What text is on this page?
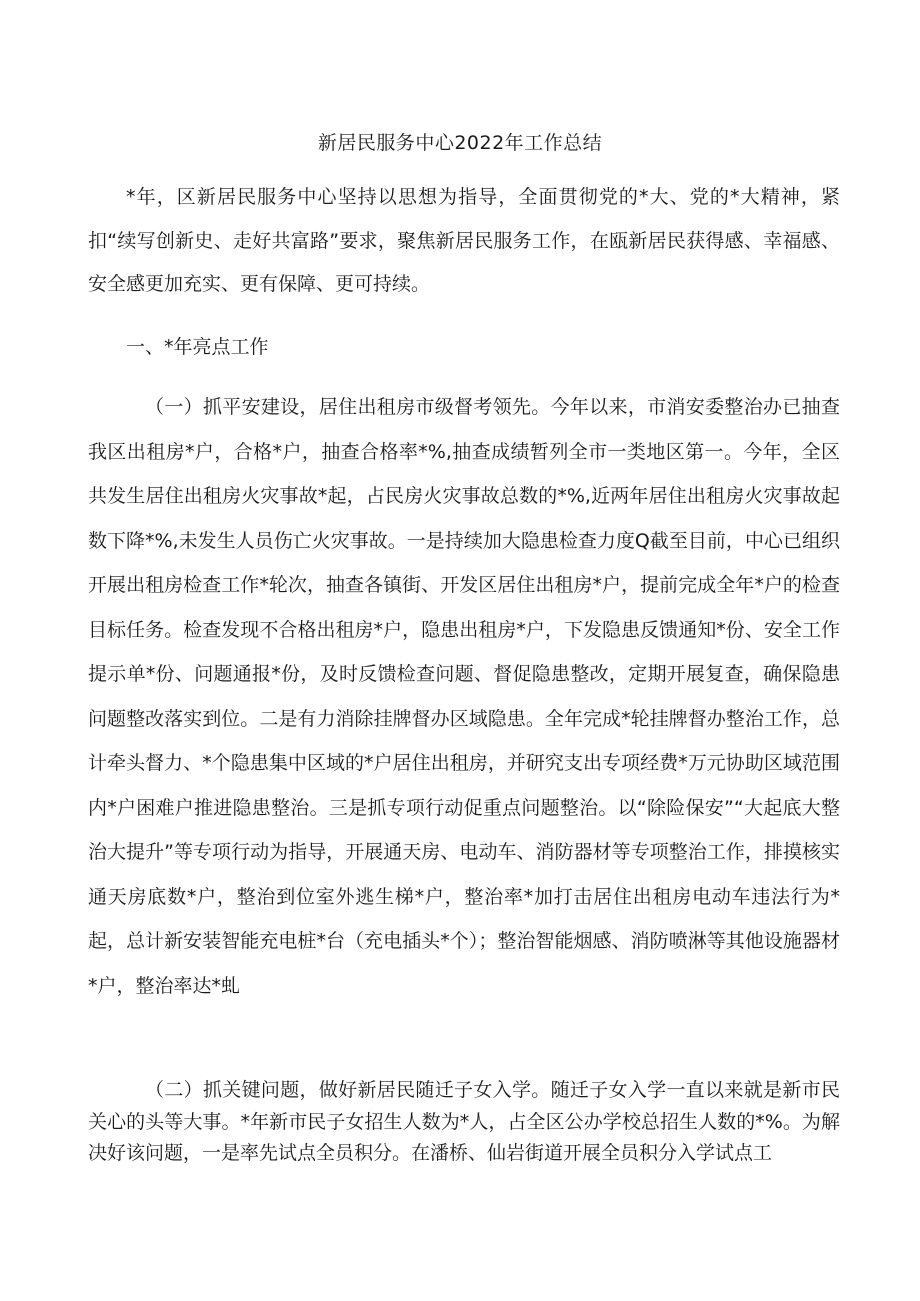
新居民服务中心2022年工作总结

*年，区新居民服务中心坚持以思想为指导，全面贯彻党的*大、党的*大精神，紧扣“续写创新史、走好共富路”要求，聚焦新居民服务工作，在瓯新居民获得感、幸福感、安全感更加充实、更有保障、更可持续。

一、*年亮点工作

（一）抓平安建设，居住出租房市级督考领先。今年以来，市消安委整治办已抽查我区出租房*户，合格*户，抽查合格率*%,抽查成绩暂列全市一类地区第一。今年，全区共发生居住出租房火灾事故*起，占民房火灾事故总数的*%,近两年居住出租房火灾事故起数下降*%,未发生人员伤亡火灾事故。一是持续加大隐患检查力度Q截至目前，中心已组织开展出租房检查工作*轮次，抽查各镇街、开发区居住出租房*户，提前完成全年*户的检查目标任务。检查发现不合格出租房*户，隐患出租房*户，下发隐患反馈通知*份、安全工作提示单*份、问题通报*份，及时反馈检查问题、督促隐患整改，定期开展复查，确保隐患问题整改落实到位。二是有力消除挂牌督办区域隐患。全年完成*轮挂牌督办整治工作，总计牵头督力、*个隐患集中区域的*户居住出租房，并研究支出专项经费*万元协助区域范围内*户困难户推进隐患整治。三是抓专项行动促重点问题整治。以“除险保安”“大起底大整治大提升”等专项行动为指导，开展通天房、电动车、消防器材等专项整治工作，排摸核实通天房底数*户，整治到位室外逃生梯*户，整治率*加打击居住出租房电动车违法行为*起，总计新安装智能充电桩*台（充电插头*个）；整治智能烟感、消防喷淋等其他设施器材*户，整治率达*虬

（二）抓关键问题，做好新居民随迁子女入学。随迁子女入学一直以来就是新市民关心的头等大事。*年新市民子女招生人数为*人，占全区公办学校总招生人数的*%。为解决好该问题，一是率先试点全员积分。在潘桥、仙岩街道开展全员积分入学试点工
